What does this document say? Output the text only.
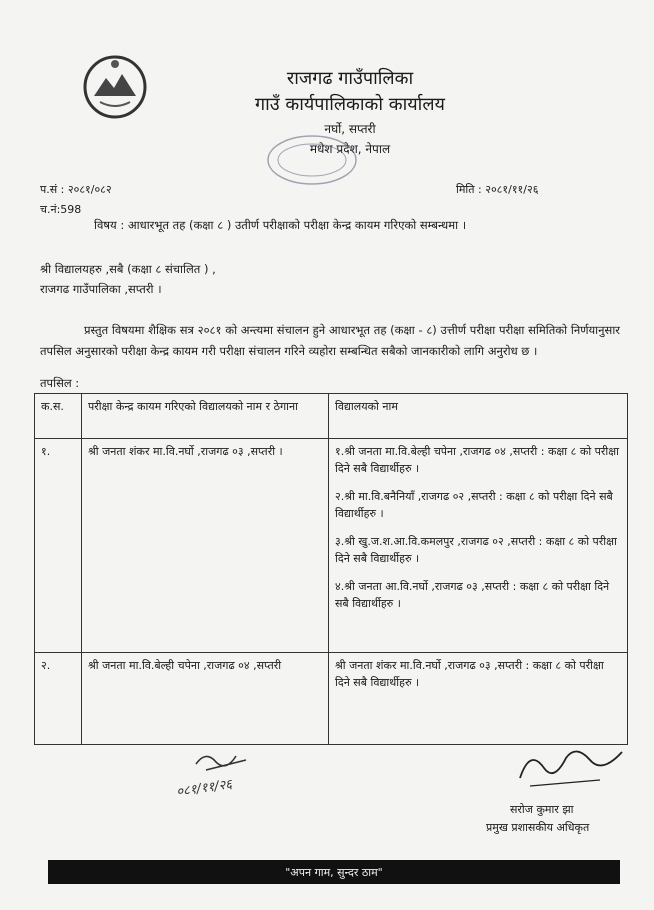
राजगढ गाउँपालिका
गाउँ कार्यपालिकाको कार्यालय
नर्घो, सप्तरी
मधेश प्रदेश, नेपाल
प.सं : २०८१/०८२
च.नं:598
मिति : २०८१/११/२६
विषय : आधारभूत तह (कक्षा ८ ) उतीर्ण परीक्षाको परीक्षा केन्द्र कायम गरिएको सम्बन्धमा ।
श्री विद्यालयहरु ,सबै (कक्षा ८ संचालित ) ,
राजगढ गाउँपालिका ,सप्तरी ।
प्रस्तुत विषयमा शैक्षिक सत्र २०८१ को अन्त्यमा संचालन हुने आधारभूत तह (कक्षा - ८) उत्तीर्ण परीक्षा परीक्षा समितिको निर्णयानुसार तपसिल अनुसारको परीक्षा केन्द्र कायम गरी परीक्षा संचालन गरिने व्यहोरा सम्बन्धित सबैको जानकारीको लागि अनुरोध छ ।
तपसिल :
क.स.	परीक्षा केन्द्र कायम गरिएको विद्यालयको नाम र ठेगाना	विद्यालयको नाम
१.	श्री जनता शंकर मा.वि.नर्घो ,राजगढ ०३ ,सप्तरी ।	१.श्री जनता मा.वि.बेल्ही चपेना ,राजगढ ०४ ,सप्तरी : कक्षा ८ को परीक्षा दिने सबै विद्यार्थीहरु ।

२.श्री मा.वि.बनैनियाँ ,राजगढ ०२ ,सप्तरी : कक्षा ८ को परीक्षा दिने सबै विद्यार्थीहरु ।

३.श्री खु.ज.श.आ.वि.कमलपुर ,राजगढ ०२ ,सप्तरी : कक्षा ८ को परीक्षा दिने सबै विद्यार्थीहरु ।

४.श्री जनता आ.वि.नर्घो ,राजगढ ०३ ,सप्तरी : कक्षा ८ को परीक्षा दिने सबै विद्यार्थीहरु ।

२.	श्री जनता मा.वि.बेल्ही चपेना ,राजगढ ०४ ,सप्तरी	श्री जनता शंकर मा.वि.नर्घो ,राजगढ ०३ ,सप्तरी : कक्षा ८ को परीक्षा दिने सबै विद्यार्थीहरु ।

०८१/११/२६
सरोज कुमार झा
प्रमुख प्रशासकीय अधिकृत
"अपन गाम, सुन्दर ठाम"
